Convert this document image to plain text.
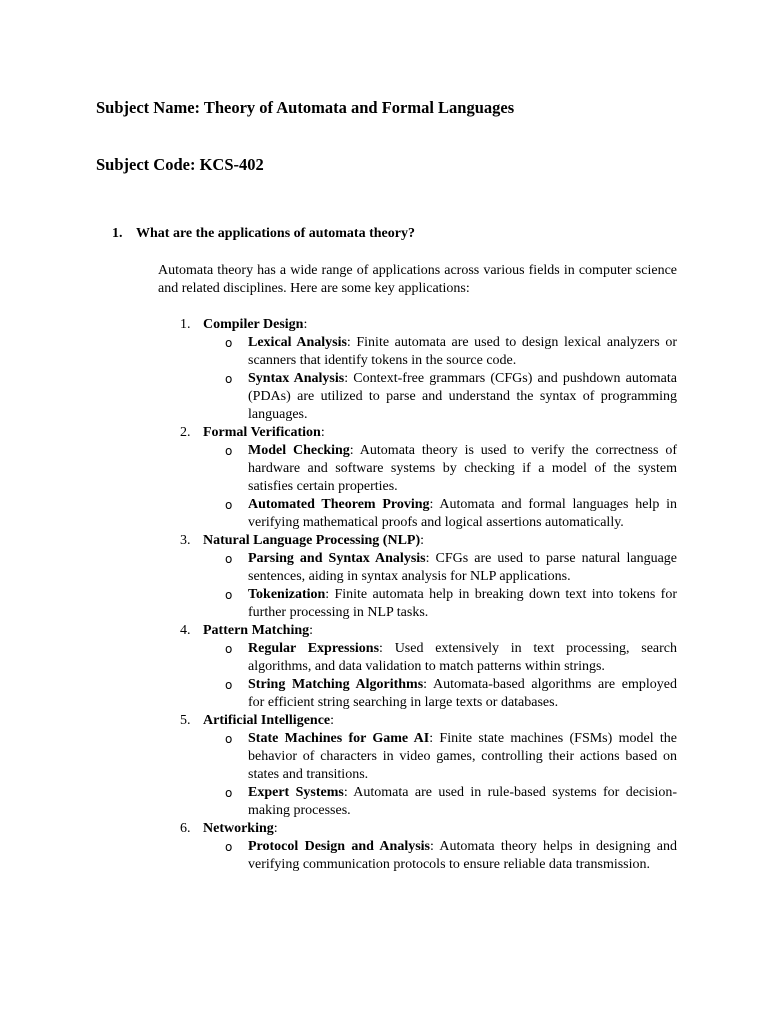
Subject Name: Theory of Automata and Formal Languages
Subject Code: KCS-402
1. What are the applications of automata theory?
Automata theory has a wide range of applications across various fields in computer science and related disciplines. Here are some key applications:
1. Compiler Design:
o	Lexical Analysis: Finite automata are used to design lexical analyzers or scanners that identify tokens in the source code.
o	Syntax Analysis: Context-free grammars (CFGs) and pushdown automata (PDAs) are utilized to parse and understand the syntax of programming languages.
2. Formal Verification:
o	Model Checking: Automata theory is used to verify the correctness of hardware and software systems by checking if a model of the system satisfies certain properties.
o	Automated Theorem Proving: Automata and formal languages help in verifying mathematical proofs and logical assertions automatically.
3. Natural Language Processing (NLP):
o	Parsing and Syntax Analysis: CFGs are used to parse natural language sentences, aiding in syntax analysis for NLP applications.
o	Tokenization: Finite automata help in breaking down text into tokens for further processing in NLP tasks.
4. Pattern Matching:
o	Regular Expressions: Used extensively in text processing, search algorithms, and data validation to match patterns within strings.
o	String Matching Algorithms: Automata-based algorithms are employed for efficient string searching in large texts or databases.
5. Artificial Intelligence:
o	State Machines for Game AI: Finite state machines (FSMs) model the behavior of characters in video games, controlling their actions based on states and transitions.
o	Expert Systems: Automata are used in rule-based systems for decision-making processes.
6. Networking:
o	Protocol Design and Analysis: Automata theory helps in designing and verifying communication protocols to ensure reliable data transmission.
